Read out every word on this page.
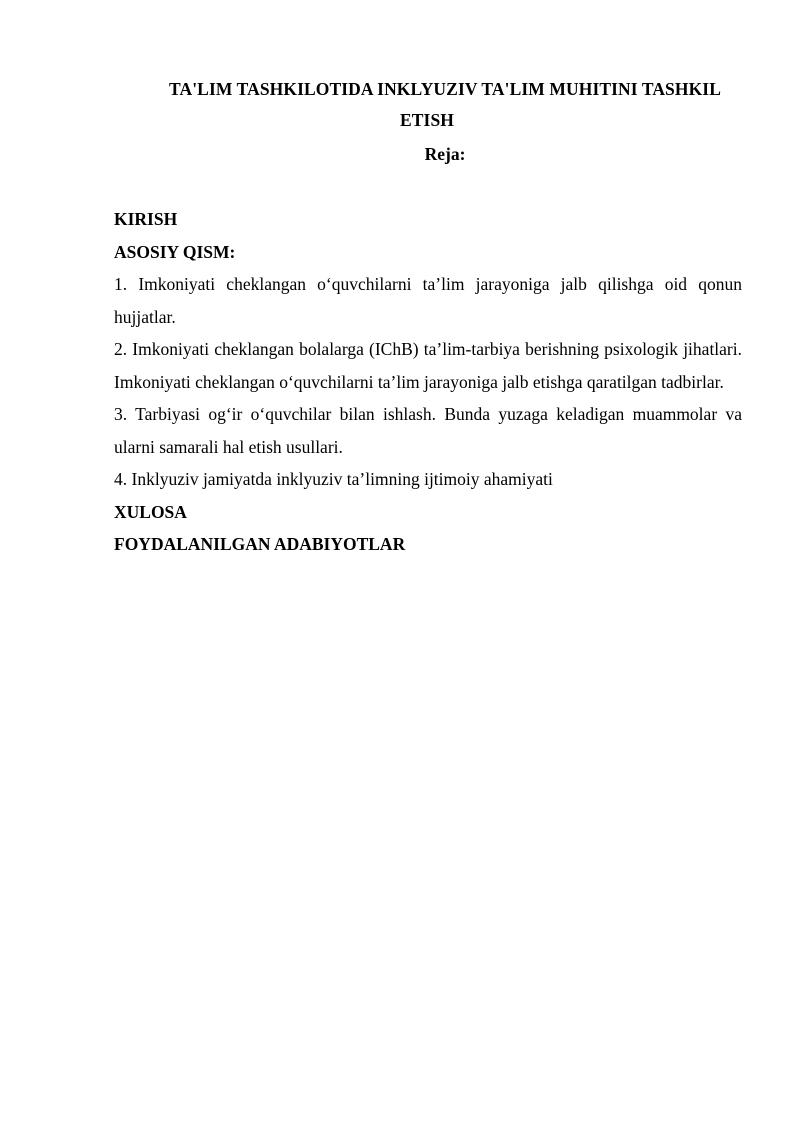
TA'LIM TASHKILOTIDA INKLYUZIV TA'LIM MUHITINI TASHKIL ETISH
Reja:

KIRISH

ASOSIY QISM:

1. Imkoniyati cheklangan o‘quvchilarni ta’lim jarayoniga jalb qilishga oid qonun hujjatlar.

2. Imkoniyati cheklangan bolalarga (IChB) ta’lim-tarbiya berishning psixologik jihatlari. Imkoniyati cheklangan o‘quvchilarni ta’lim jarayoniga jalb etishga qaratilgan tadbirlar.

3. Tarbiyasi og‘ir o‘quvchilar bilan ishlash. Bunda yuzaga keladigan muammolar va ularni samarali hal etish usullari.

4. Inklyuziv jamiyatda inklyuziv ta’limning ijtimoiy ahamiyati

XULOSA

FOYDALANILGAN ADABIYOTLAR
